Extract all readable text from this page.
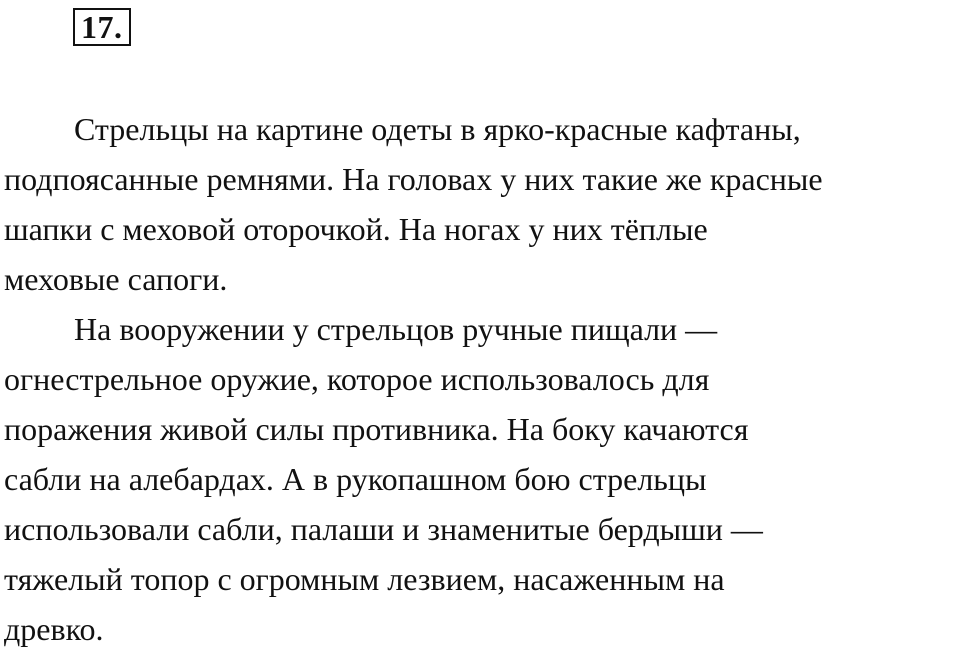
17.
Стрельцы на картине одеты в ярко-красные кафтаны,
подпоясанные ремнями. На головах у них такие же красные
шапки с меховой оторочкой. На ногах у них тёплые
меховые сапоги.
На вооружении у стрельцов ручные пищали —
огнестрельное оружие, которое использовалось для
поражения живой силы противника. На боку качаются
сабли на алебардах. А в рукопашном бою стрельцы
использовали сабли, палаши и знаменитые бердыши —
тяжелый топор с огромным лезвием, насаженным на
древко.
